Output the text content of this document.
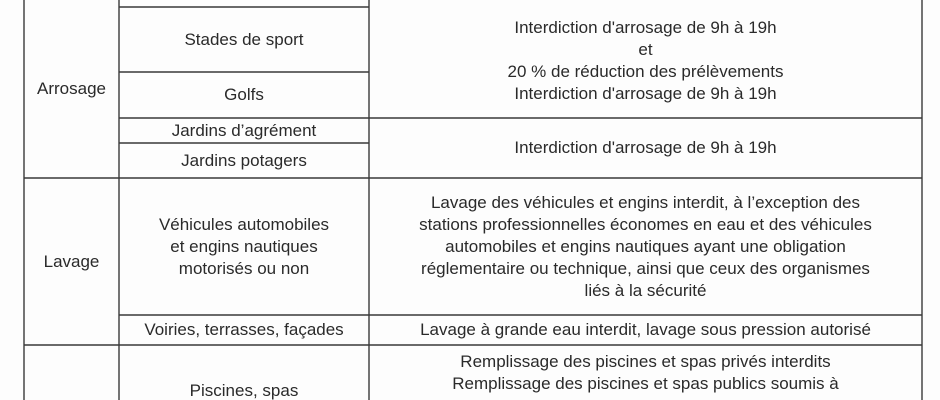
Arrosage
Stades de sport
Golfs
Jardins d’agrément
Jardins potagers
Interdiction d'arrosage de 9h à 19h
et
20 % de réduction des prélèvements
Interdiction d'arrosage de 9h à 19h
Interdiction d'arrosage de 9h à 19h
Lavage
Véhicules automobiles
et engins nautiques
motorisés ou non
Lavage des véhicules et engins interdit, à l’exception des
stations professionnelles économes en eau et des véhicules
automobiles et engins nautiques ayant une obligation
réglementaire ou technique, ainsi que ceux des organismes
liés à la sécurité
Voiries, terrasses, façades	Lavage à grande eau interdit, lavage sous pression autorisé
Piscines, spas
Remplissage des piscines et spas privés interdits
Remplissage des piscines et spas publics soumis à
